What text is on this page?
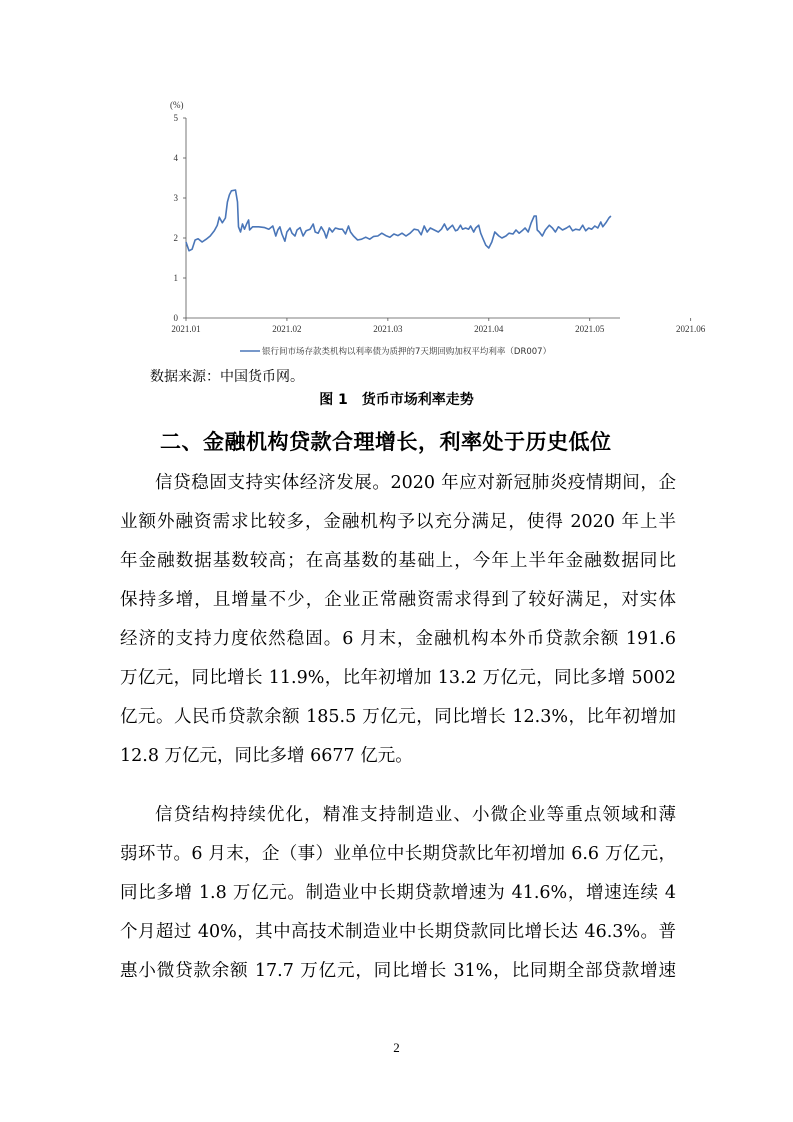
(%)
0
1
2
3
4
5
2021.01	2021.02	2021.03	2021.04	2021.05	2021.06
银行间市场存款类机构以利率债为质押的7天期回购加权平均利率（DR007）
数据来源：中国货币网。
图 1　货币市场利率走势
二、金融机构贷款合理增长，利率处于历史低位
信贷稳固支持实体经济发展。2020 年应对新冠肺炎疫情期间，企
业额外融资需求比较多，金融机构予以充分满足，使得 2020 年上半
年金融数据基数较高；在高基数的基础上，今年上半年金融数据同比
保持多增，且增量不少，企业正常融资需求得到了较好满足，对实体
经济的支持力度依然稳固。6 月末，金融机构本外币贷款余额 191.6
万亿元，同比增长 11.9%，比年初增加 13.2 万亿元，同比多增 5002
亿元。人民币贷款余额 185.5 万亿元，同比增长 12.3%，比年初增加
12.8 万亿元，同比多增 6677 亿元。
信贷结构持续优化，精准支持制造业、小微企业等重点领域和薄
弱环节。6 月末，企（事）业单位中长期贷款比年初增加 6.6 万亿元，
同比多增 1.8 万亿元。制造业中长期贷款增速为 41.6%，增速连续 4
个月超过 40%，其中高技术制造业中长期贷款同比增长达 46.3%。普
惠小微贷款余额 17.7 万亿元，同比增长 31%，比同期全部贷款增速
2
